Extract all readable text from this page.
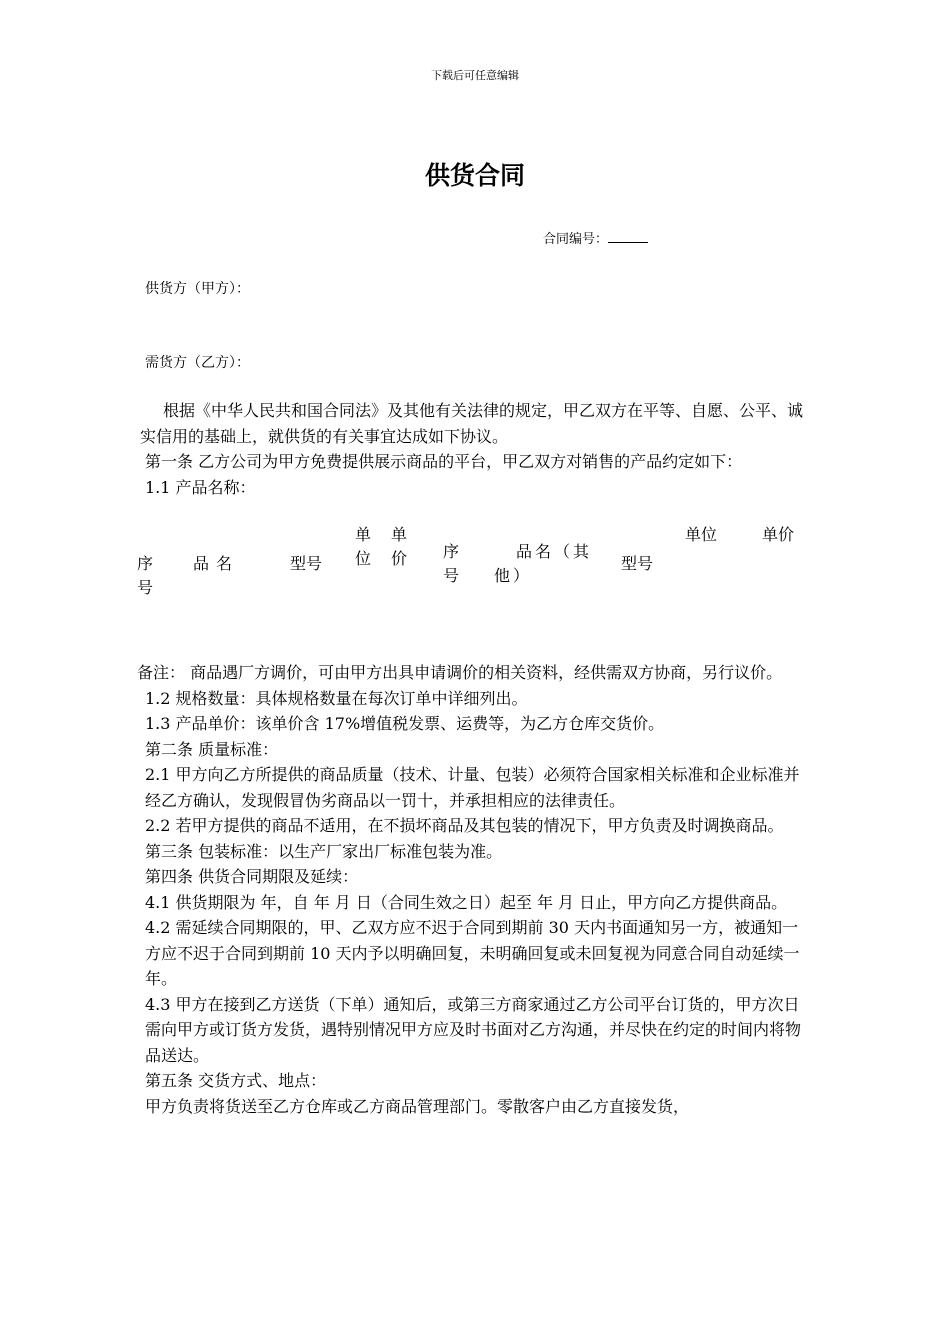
下载后可任意编辑
供货合同
合同编号：
供货方（甲方）：
需货方（乙方）：

根据《中华人民共和国合同法》及其他有关法律的规定，甲乙双方在平等、自愿、公平、诚实信用的基础上，就供货的有关事宜达成如下协议。

第一条 乙方公司为甲方免费提供展示商品的平台，甲乙双方对销售的产品约定如下：

1.1 产品名称：

序号
品名	型号
单位
单价 序号
品名（其他）
型号
单位	单价

备注： 商品遇厂方调价，可由甲方出具申请调价的相关资料，经供需双方协商，另行议价。

1.2 规格数量：具体规格数量在每次订单中详细列出。

1.3 产品单价：该单价含 17%增值税发票、运费等，为乙方仓库交货价。

第二条 质量标准：

2.1 甲方向乙方所提供的商品质量（技术、计量、包装）必须符合国家相关标准和企业标准并经乙方确认，发现假冒伪劣商品以一罚十，并承担相应的法律责任。

2.2 若甲方提供的商品不适用，在不损坏商品及其包装的情况下，甲方负责及时调换商品。

第三条 包装标准：以生产厂家出厂标准包装为准。

第四条 供货合同期限及延续：

4.1 供货期限为 年，自 年 月 日（合同生效之日）起至 年 月 日止，甲方向乙方提供商品。

4.2 需延续合同期限的，甲、乙双方应不迟于合同到期前 30 天内书面通知另一方，被通知一方应不迟于合同到期前 10 天内予以明确回复，未明确回复或未回复视为同意合同自动延续一年。

4.3 甲方在接到乙方送货（下单）通知后，或第三方商家通过乙方公司平台订货的，甲方次日需向甲方或订货方发货，遇特别情况甲方应及时书面对乙方沟通，并尽快在约定的时间内将物品送达。

第五条 交货方式、地点：

甲方负责将货送至乙方仓库或乙方商品管理部门。零散客户由乙方直接发货，
